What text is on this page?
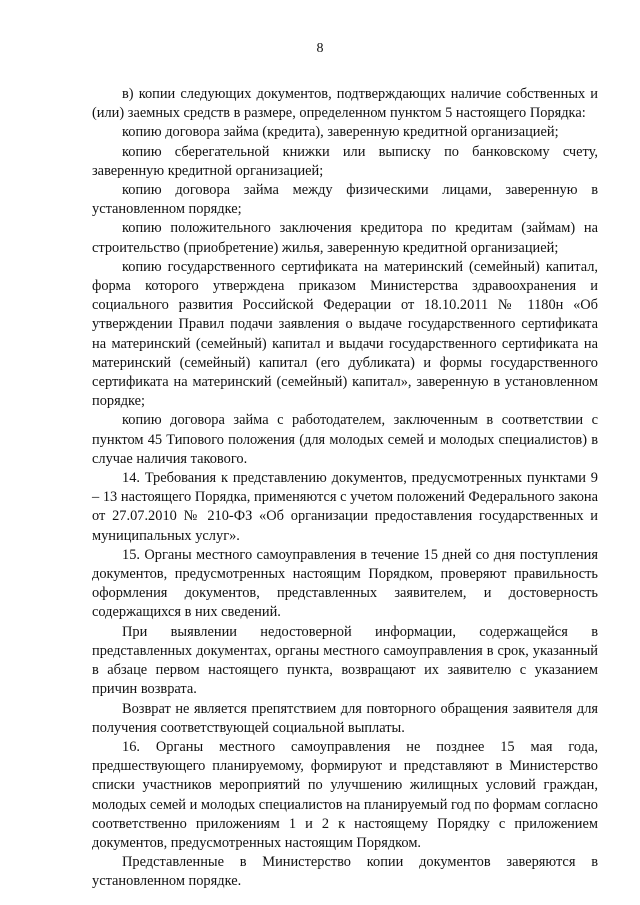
8

в) копии следующих документов, подтверждающих наличие собственных и (или) заемных средств в размере, определенном пунктом 5 настоящего Порядка:

копию договора займа (кредита), заверенную кредитной организацией;

копию сберегательной книжки или выписку по банковскому счету, заверенную кредитной организацией;

копию договора займа между физическими лицами, заверенную в установленном порядке;

копию положительного заключения кредитора по кредитам (займам) на строительство (приобретение) жилья, заверенную кредитной организацией;

копию государственного сертификата на материнский (семейный) капитал, форма которого утверждена приказом Министерства здравоохранения и социального развития Российской Федерации от 18.10.2011 № 1180н «Об утверждении Правил подачи заявления о выдаче государственного сертификата на материнский (семейный) капитал и выдачи государственного сертификата на материнский (семейный) капитал (его дубликата) и формы государственного сертификата на материнский (семейный) капитал», заверенную в установленном порядке;

копию договора займа с работодателем, заключенным в соответствии с пунктом 45 Типового положения (для молодых семей и молодых специалистов) в случае наличия такового.

14. Требования к представлению документов, предусмотренных пунктами 9 – 13 настоящего Порядка, применяются с учетом положений Федерального закона от 27.07.2010 № 210-ФЗ «Об организации предоставления государственных и муниципальных услуг».

15. Органы местного самоуправления в течение 15 дней со дня поступления документов, предусмотренных настоящим Порядком, проверяют правильность оформления документов, представленных заявителем, и достоверность содержащихся в них сведений.

При выявлении недостоверной информации, содержащейся в представленных документах, органы местного самоуправления в срок, указанный в абзаце первом настоящего пункта, возвращают их заявителю с указанием причин возврата.

Возврат не является препятствием для повторного обращения заявителя для получения соответствующей социальной выплаты.

16. Органы местного самоуправления не позднее 15 мая года, предшествующего планируемому, формируют и представляют в Министерство списки участников мероприятий по улучшению жилищных условий граждан, молодых семей и молодых специалистов на планируемый год по формам согласно соответственно приложениям 1 и 2 к настоящему Порядку с приложением документов, предусмотренных настоящим Порядком.

Представленные в Министерство копии документов заверяются в установленном порядке.
